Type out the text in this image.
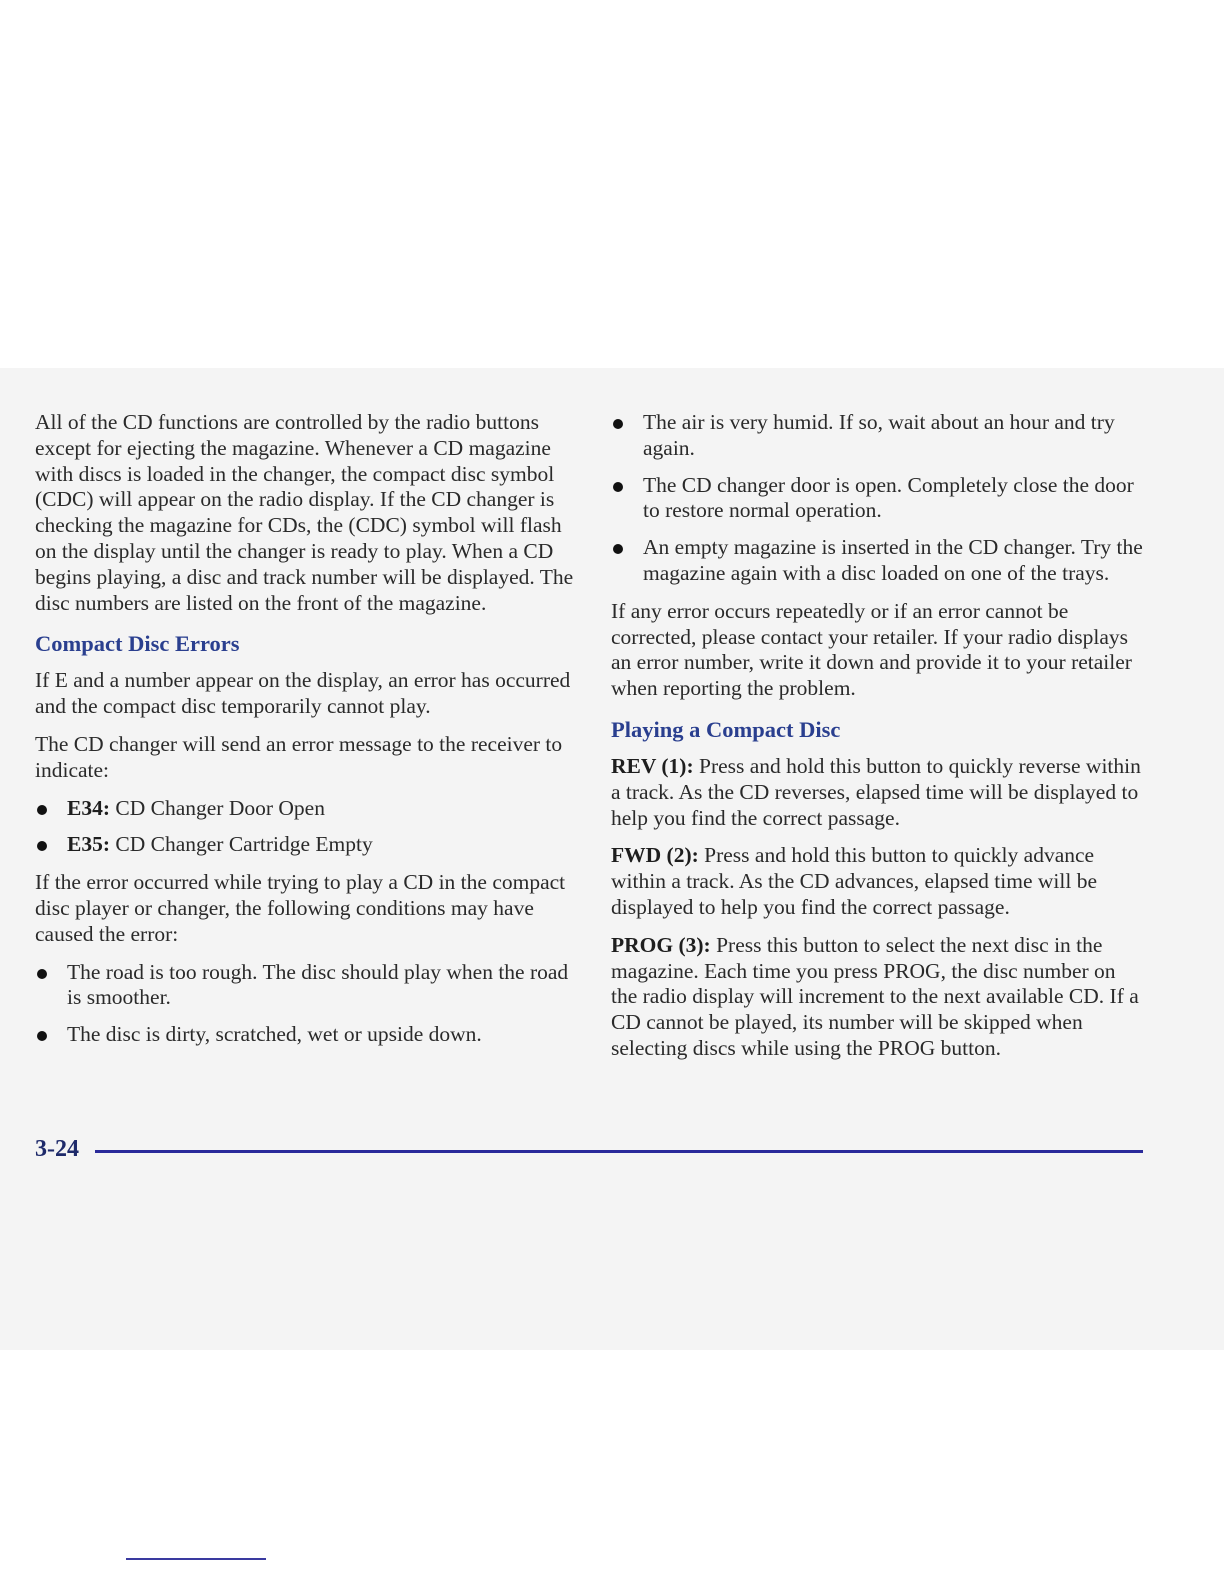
All of the CD functions are controlled by the radio buttons except for ejecting the magazine. Whenever a CD magazine with discs is loaded in the changer, the compact disc symbol (CDC) will appear on the radio display. If the CD changer is checking the magazine for CDs, the (CDC) symbol will flash on the display until the changer is ready to play. When a CD begins playing, a disc and track number will be displayed. The disc numbers are listed on the front of the magazine.

Compact Disc Errors

If E and a number appear on the display, an error has occurred and the compact disc temporarily cannot play.

The CD changer will send an error message to the receiver to indicate:

E34: CD Changer Door Open
E35: CD Changer Cartridge Empty

If the error occurred while trying to play a CD in the compact disc player or changer, the following conditions may have caused the error:

The road is too rough. The disc should play when the road is smoother.
The disc is dirty, scratched, wet or upside down.
The air is very humid. If so, wait about an hour and try again.
The CD changer door is open. Completely close the door to restore normal operation.
An empty magazine is inserted in the CD changer. Try the magazine again with a disc loaded on one of the trays.

If any error occurs repeatedly or if an error cannot be corrected, please contact your retailer. If your radio displays an error number, write it down and provide it to your retailer when reporting the problem.

Playing a Compact Disc

REV (1): Press and hold this button to quickly reverse within a track. As the CD reverses, elapsed time will be displayed to help you find the correct passage.

FWD (2): Press and hold this button to quickly advance within a track. As the CD advances, elapsed time will be displayed to help you find the correct passage.

PROG (3): Press this button to select the next disc in the magazine. Each time you press PROG, the disc number on the radio display will increment to the next available CD. If a CD cannot be played, its number will be skipped when selecting discs while using the PROG button.

3-24
